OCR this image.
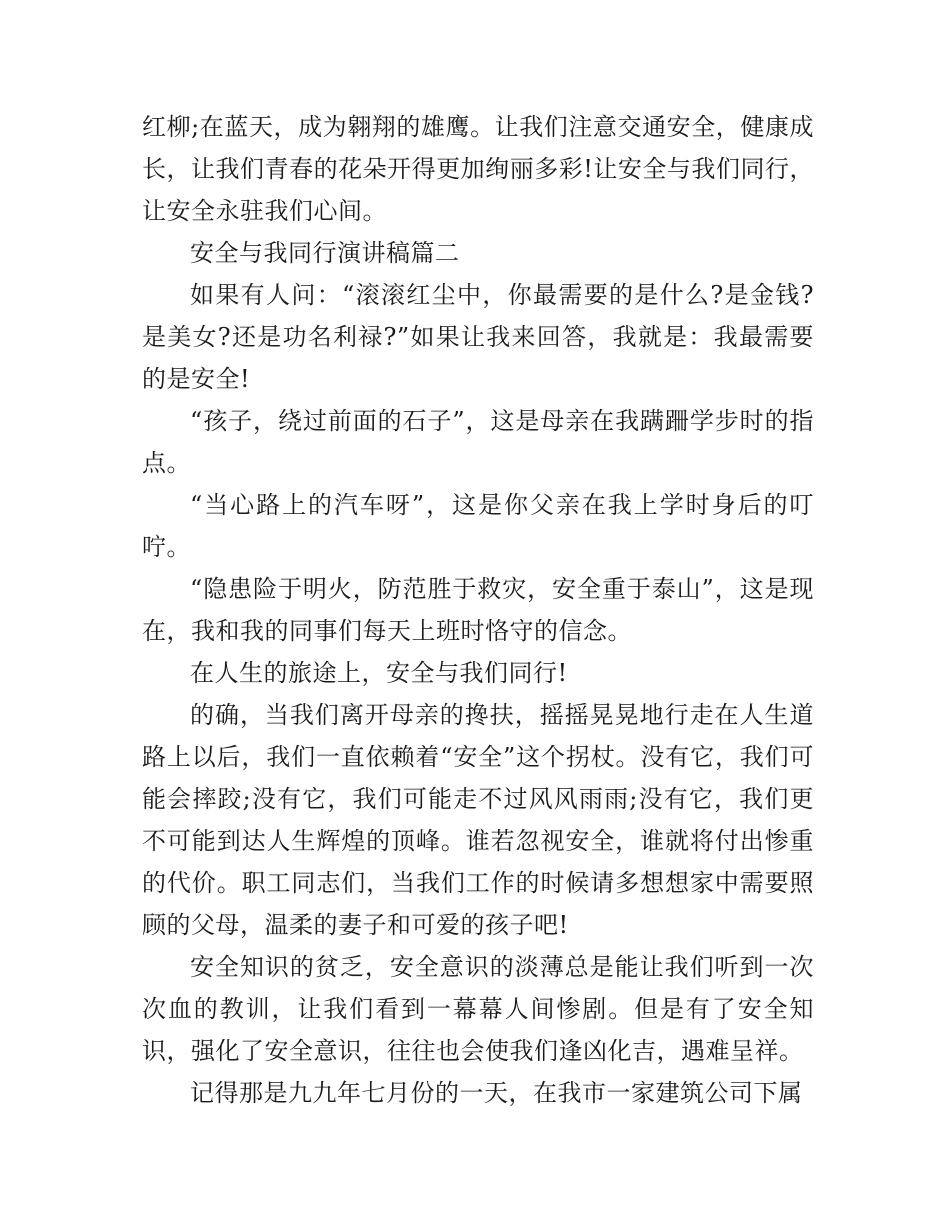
红柳;在蓝天，成为翱翔的雄鹰。让我们注意交通安全，健康成长，让我们青春的花朵开得更加绚丽多彩!让安全与我们同行，让安全永驻我们心间。

安全与我同行演讲稿篇二

如果有人问：“滚滚红尘中，你最需要的是什么?是金钱?是美女?还是功名利禄?”如果让我来回答，我就是：我最需要的是安全!

“孩子，绕过前面的石子”，这是母亲在我蹒跚学步时的指点。

“当心路上的汽车呀”，这是你父亲在我上学时身后的叮咛。

“隐患险于明火，防范胜于救灾，安全重于泰山”，这是现在，我和我的同事们每天上班时恪守的信念。

在人生的旅途上，安全与我们同行!

的确，当我们离开母亲的搀扶，摇摇晃晃地行走在人生道路上以后，我们一直依赖着“安全”这个拐杖。没有它，我们可能会摔跤;没有它，我们可能走不过风风雨雨;没有它，我们更不可能到达人生辉煌的顶峰。谁若忽视安全，谁就将付出惨重的代价。职工同志们，当我们工作的时候请多想想家中需要照顾的父母，温柔的妻子和可爱的孩子吧!

安全知识的贫乏，安全意识的淡薄总是能让我们听到一次次血的教训，让我们看到一幕幕人间惨剧。但是有了安全知识，强化了安全意识，往往也会使我们逢凶化吉，遇难呈祥。

记得那是九九年七月份的一天，在我市一家建筑公司下属
